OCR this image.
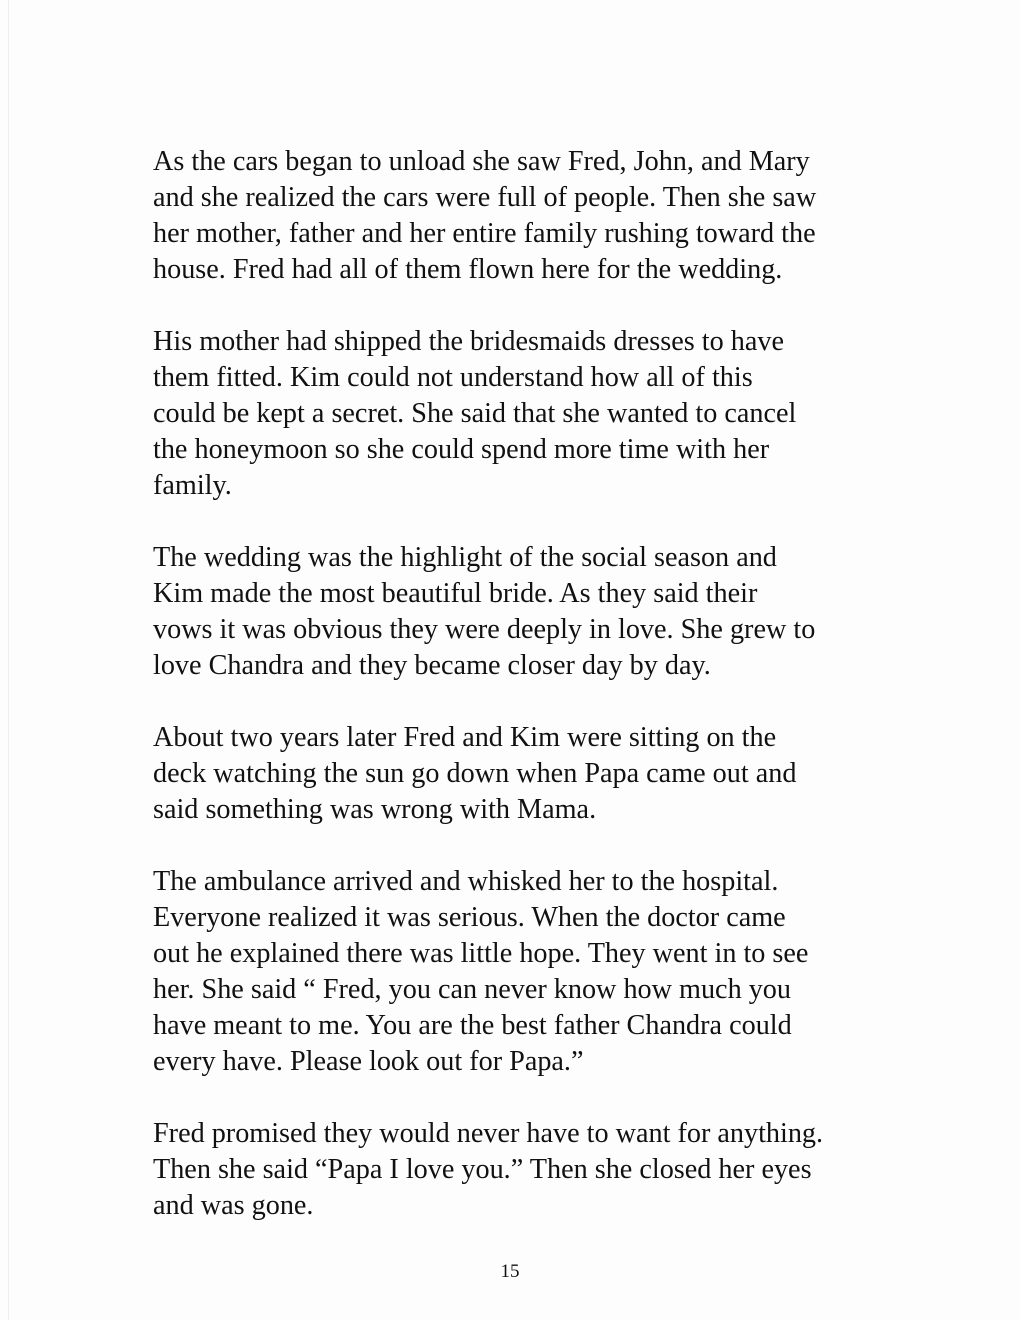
As the cars began to unload she saw Fred, John, and Mary
and she realized the cars were full of people. Then she saw
her mother, father and her entire family rushing toward the
house. Fred had all of them flown here for the wedding.

His mother had shipped the bridesmaids dresses to have
them fitted. Kim could not understand how all of this
could be kept a secret. She said that she wanted to cancel
the honeymoon so she could spend more time with her
family.

The wedding was the highlight of the social season and
Kim made the most beautiful bride. As they said their
vows it was obvious they were deeply in love. She grew to
love Chandra and they became closer day by day.

About two years later Fred and Kim were sitting on the
deck watching the sun go down when Papa came out and
said something was wrong with Mama.

The ambulance arrived and whisked her to the hospital.
Everyone realized it was serious. When the doctor came
out he explained there was little hope. They went in to see
her. She said “ Fred, you can never know how much you
have meant to me. You are the best father Chandra could
every have. Please look out for Papa.”

Fred promised they would never have to want for anything.
Then she said “Papa I love you.” Then she closed her eyes
and was gone.

15
